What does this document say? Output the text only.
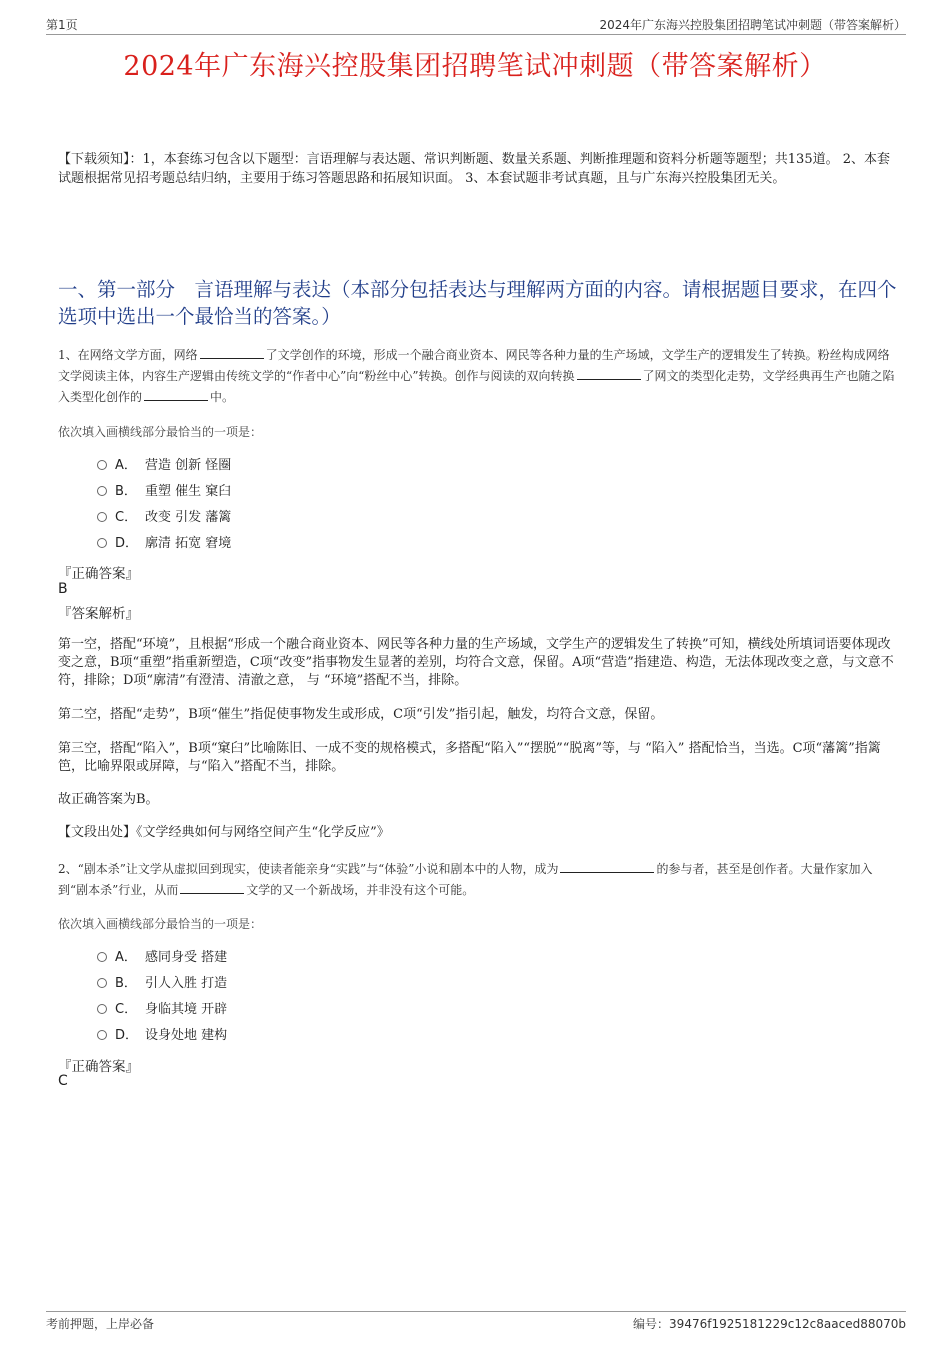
第1页	2024年广东海兴控股集团招聘笔试冲刺题（带答案解析）
2024年广东海兴控股集团招聘笔试冲刺题（带答案解析）
【下载须知】：1，本套练习包含以下题型：言语理解与表达题、常识判断题、数量关系题、判断推理题和资料分析题等题型；共135道。 2、本套试题根据常见招考题总结归纳，主要用于练习答题思路和拓展知识面。 3、本套试题非考试真题，且与广东海兴控股集团无关。
一、第一部分　言语理解与表达（本部分包括表达与理解两方面的内容。请根据题目要求，在四个选项中选出一个最恰当的答案。）
1、在网络文学方面，网络	了文学创作的环境，形成一个融合商业资本、网民等各种力量的生产场域，文学生产的逻辑发生了转换。粉丝构成网络文学阅读主体，内容生产逻辑由传统文学的“作者中心”向“粉丝中心”转换。创作与阅读的双向转换	了网文的类型化走势，文学经典再生产也随之陷入类型化创作的	中。
依次填入画横线部分最恰当的一项是：
A． 营造 创新 怪圈
B． 重塑 催生 窠臼
C． 改变 引发 藩篱
D． 廓清 拓宽 窘境
『正确答案』
B
『答案解析』
第一空，搭配“环境”，且根据“形成一个融合商业资本、网民等各种力量的生产场域，文学生产的逻辑发生了转换”可知，横线处所填词语要体现改变之意，B项“重塑”指重新塑造，C项“改变”指事物发生显著的差别，均符合文意，保留。A项“营造”指建造、构造，无法体现改变之意，与文意不符，排除；D项“廓清”有澄清、清澈之意， 与 “环境”搭配不当，排除。
第二空，搭配“走势”，B项“催生”指促使事物发生或形成，C项“引发”指引起，触发，均符合文意，保留。
第三空，搭配“陷入”，B项“窠臼”比喻陈旧、一成不变的规格模式，多搭配“陷入”“摆脱”“脱离”等，与 “陷入” 搭配恰当，当选。C项“藩篱”指篱笆，比喻界限或屏障，与“陷入”搭配不当，排除。
故正确答案为B。
【文段出处】《文学经典如何与网络空间产生“化学反应”》
2、“剧本杀”让文学从虚拟回到现实，使读者能亲身“实践”与“体验”小说和剧本中的人物，成为	的参与者，甚至是创作者。大量作家加入到“剧本杀”行业，从而	文学的又一个新战场，并非没有这个可能。
依次填入画横线部分最恰当的一项是：
A． 感同身受 搭建
B． 引人入胜 打造
C． 身临其境 开辟
D． 设身处地 建构
『正确答案』
C
考前押题，上岸必备	编号：39476f1925181229c12c8aaced88070b
